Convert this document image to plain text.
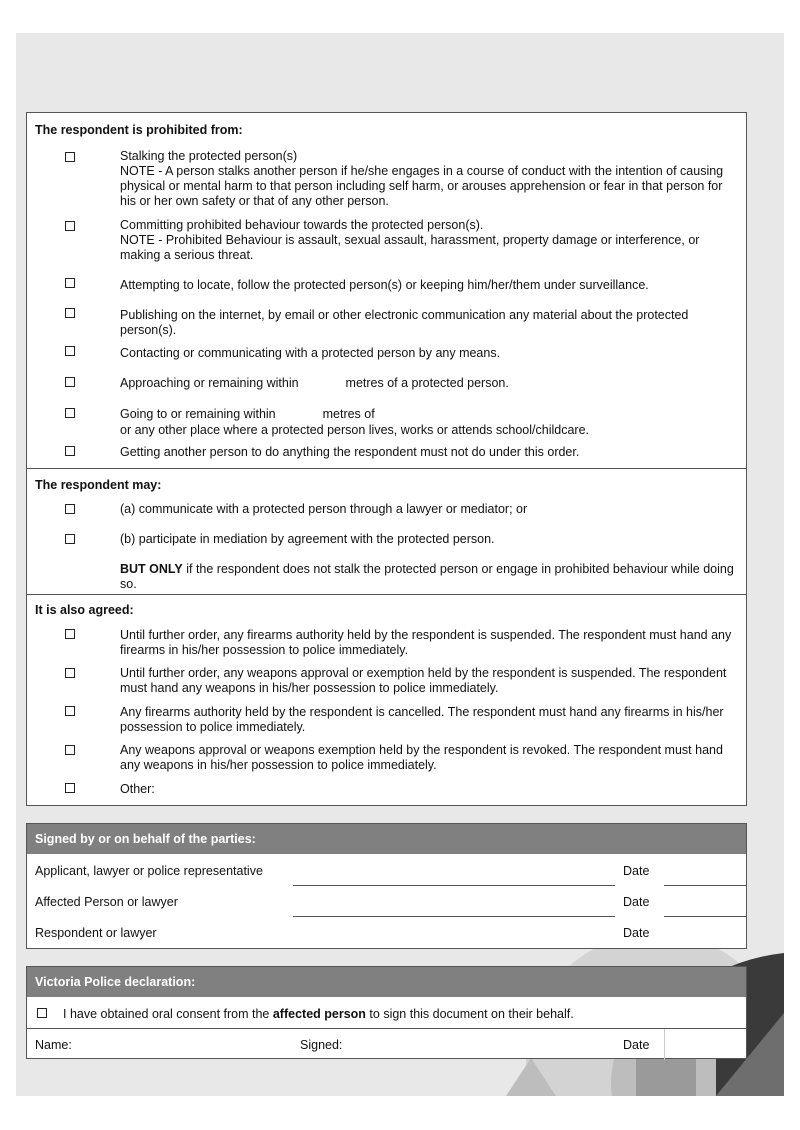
The respondent is prohibited from:
Stalking the protected person(s)
NOTE - A person stalks another person if he/she engages in a course of conduct with the intention of causing physical or mental harm to that person including self harm, or arouses apprehension or fear in that person for his or her own safety or that of any other person.
Committing prohibited behaviour towards the protected person(s).
NOTE - Prohibited Behaviour is assault, sexual assault, harassment, property damage or interference, or making a serious threat.
Attempting to locate, follow the protected person(s) or keeping him/her/them under surveillance.
Publishing on the internet, by email or other electronic communication any material about the protected person(s).
Contacting or communicating with a protected person by any means.
Approaching or remaining within	metres of a protected person.
Going to or remaining within	metres of
or any other place where a protected person lives, works or attends school/childcare.
Getting another person to do anything the respondent must not do under this order.
The respondent may:
(a) communicate with a protected person through a lawyer or mediator; or
(b) participate in mediation by agreement with the protected person.
BUT ONLY if the respondent does not stalk the protected person or engage in prohibited behaviour while doing so.
It is also agreed:
Until further order, any firearms authority held by the respondent is suspended. The respondent must hand any firearms in his/her possession to police immediately.
Until further order, any weapons approval or exemption held by the respondent is suspended. The respondent must hand any weapons in his/her possession to police immediately.
Any firearms authority held by the respondent is cancelled. The respondent must hand any firearms in his/her possession to police immediately.
Any weapons approval or weapons exemption held by the respondent is revoked. The respondent must hand any weapons in his/her possession to police immediately.
Other:
Signed by or on behalf of the parties:
Applicant, lawyer or police representative	Date
Affected Person or lawyer	Date
Respondent or lawyer	Date
Victoria Police declaration:
I have obtained oral consent from the affected person to sign this document on their behalf.
Name:	Signed:	Date
